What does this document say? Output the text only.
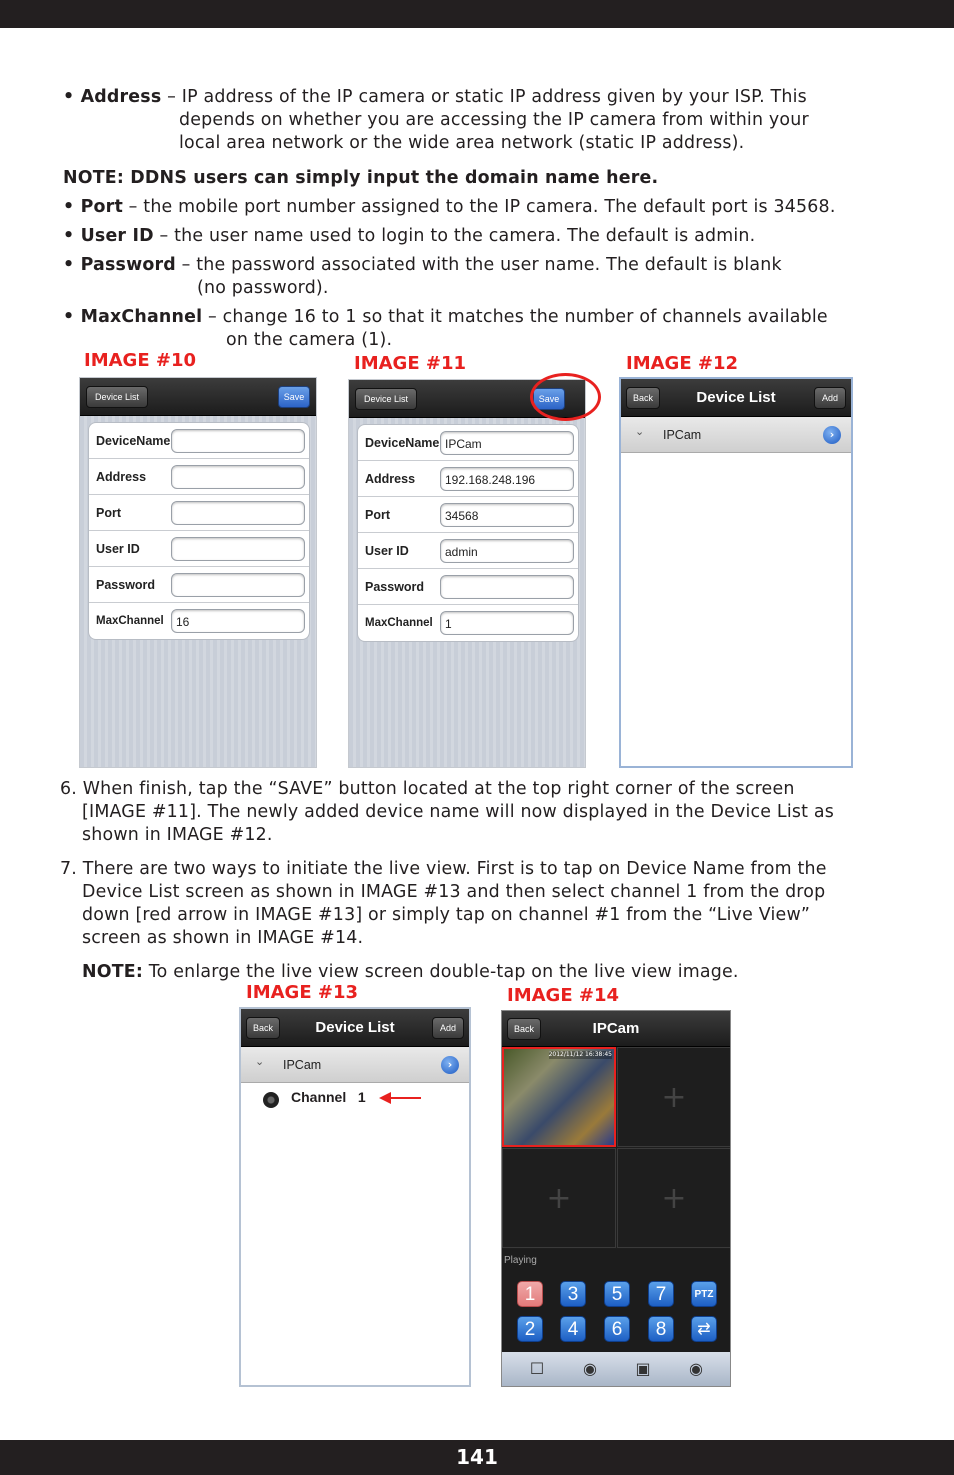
• Address – IP address of the IP camera or static IP address given by your ISP. This
depends on whether you are accessing the IP camera from within your
local area network or the wide area network (static IP address).
NOTE: DDNS users can simply input the domain name here.
• Port – the mobile port number assigned to the IP camera. The default port is 34568.
• User ID – the user name used to login to the camera. The default is admin.
• Password – the password associated with the user name. The default is blank
(no password).
• MaxChannel – change 16 to 1 so that it matches the number of channels available
on the camera (1).
IMAGE #10
Device List	Save
DeviceName
Address
Port
User ID
Password
MaxChannel	16
IMAGE #11
Device List	Save
DeviceName IPCam
Address	192.168.248.196
Port	34568
User ID	admin
Password
MaxChannel	1
IMAGE #12
Back	Device List	Add
⌄ IPCam	›
6. When finish, tap the “SAVE” button located at the top right corner of the screen
[IMAGE #11]. The newly added device name will now displayed in the Device List as
shown in IMAGE #12.
7. There are two ways to initiate the live view. First is to tap on Device Name from the
Device List screen as shown in IMAGE #13 and then select channel 1 from the drop
down [red arrow in IMAGE #13] or simply tap on channel #1 from the “Live View”
screen as shown in IMAGE #14.
NOTE: To enlarge the live view screen double-tap on the live view image.
IMAGE #13
Back	Device List	Add
⌄ IPCam	›
Channel   1
IMAGE #14
Back	IPCam
2012/11/12 16:38:45
+
+	+
Playing
1	3	5	7	PTZ
2	4	6	8	⇄
☐ ◉ ▣ ◉
141
